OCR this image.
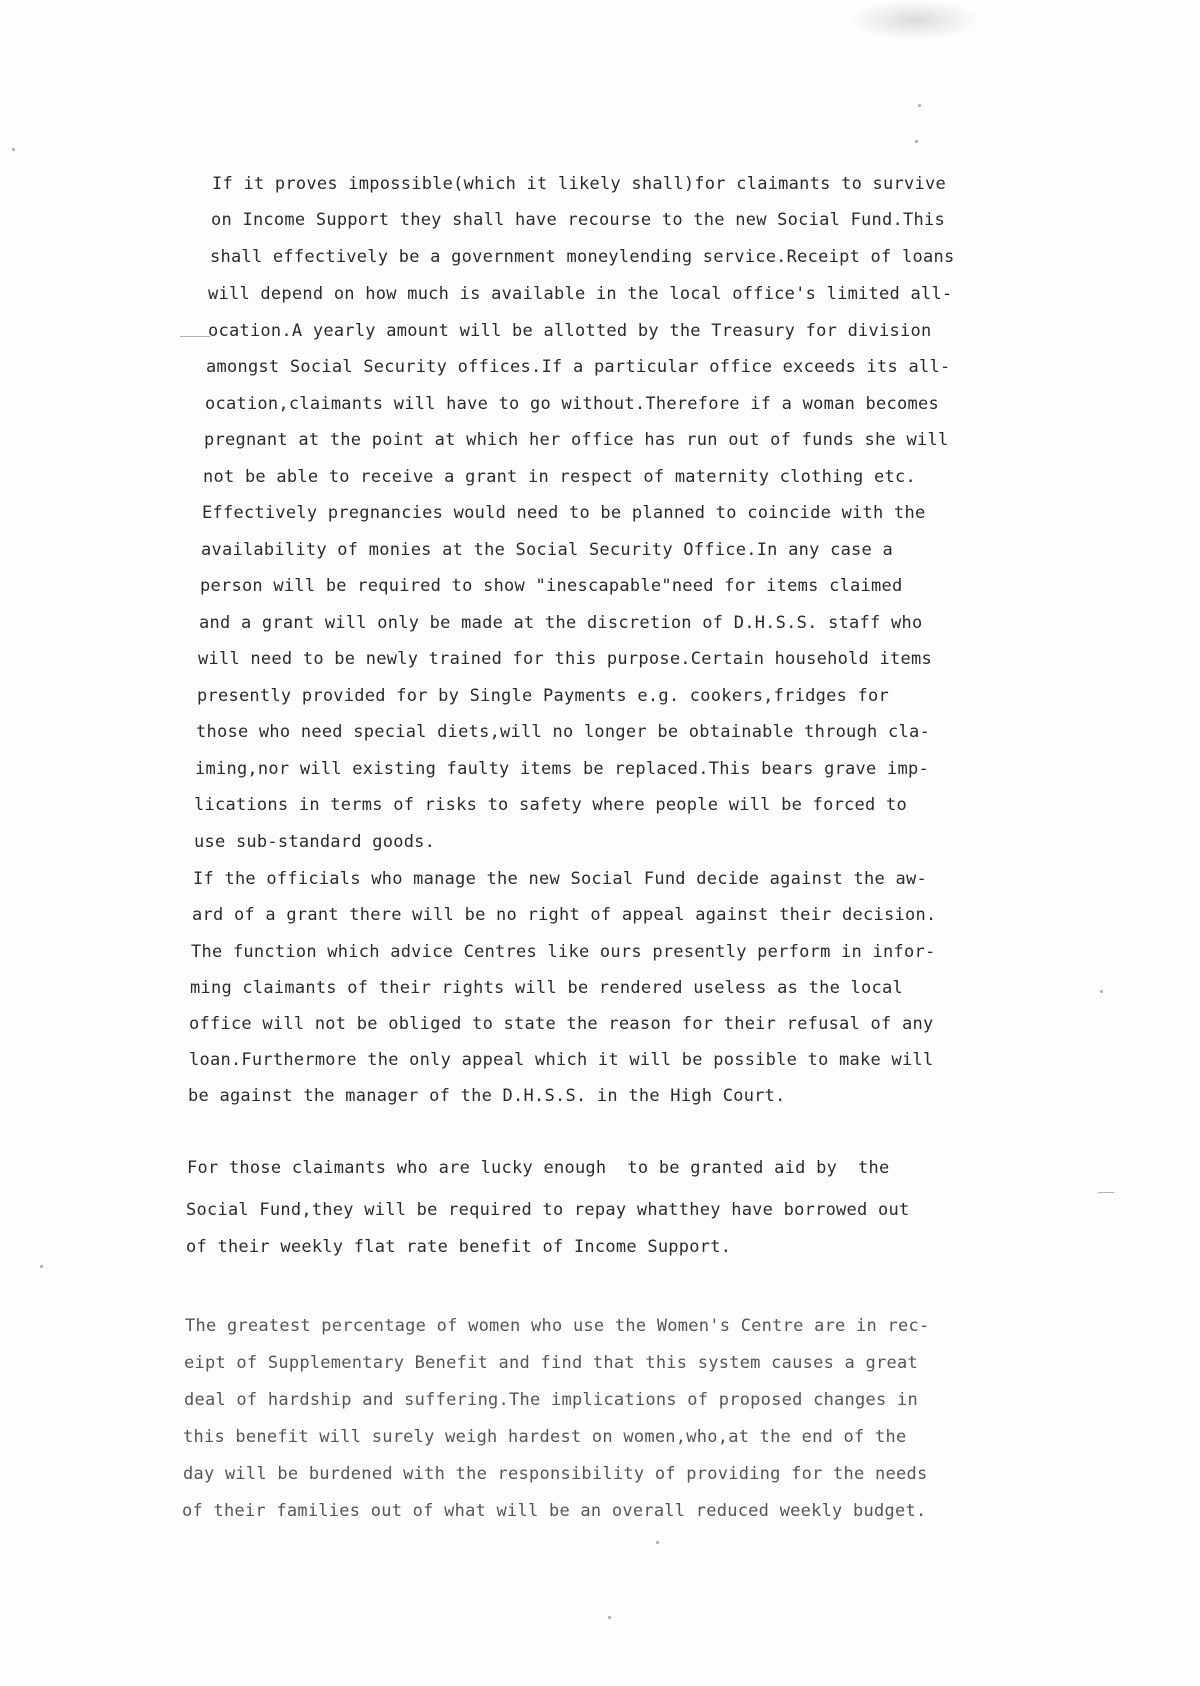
If it proves impossible(which it likely shall)for claimants to survive
on Income Support they shall have recourse to the new Social Fund.This
shall effectively be a government moneylending service.Receipt of loans
will depend on how much is available in the local office's limited all-
ocation.A yearly amount will be allotted by the Treasury for division
amongst Social Security offices.If a particular office exceeds its all-
ocation,claimants will have to go without.Therefore if a woman becomes
pregnant at the point at which her office has run out of funds she will
not be able to receive a grant in respect of maternity clothing etc.
Effectively pregnancies would need to be planned to coincide with the
availability of monies at the Social Security Office.In any case a
person will be required to show "inescapable"need for items claimed
and a grant will only be made at the discretion of D.H.S.S. staff who
will need to be newly trained for this purpose.Certain household items
presently provided for by Single Payments e.g. cookers,fridges for
those who need special diets,will no longer be obtainable through cla-
iming,nor will existing faulty items be replaced.This bears grave imp-
lications in terms of risks to safety where people will be forced to
use sub-standard goods.
If the officials who manage the new Social Fund decide against the aw-
ard of a grant there will be no right of appeal against their decision.
The function which advice Centres like ours presently perform in infor-
ming claimants of their rights will be rendered useless as the local
office will not be obliged to state the reason for their refusal of any
loan.Furthermore the only appeal which it will be possible to make will
be against the manager of the D.H.S.S. in the High Court.
For those claimants who are lucky enough  to be granted aid by  the
Social Fund,they will be required to repay whatthey have borrowed out
of their weekly flat rate benefit of Income Support.
The greatest percentage of women who use the Women's Centre are in rec-
eipt of Supplementary Benefit and find that this system causes a great
deal of hardship and suffering.The implications of proposed changes in
this benefit will surely weigh hardest on women,who,at the end of the
day will be burdened with the responsibility of providing for the needs
of their families out of what will be an overall reduced weekly budget.
